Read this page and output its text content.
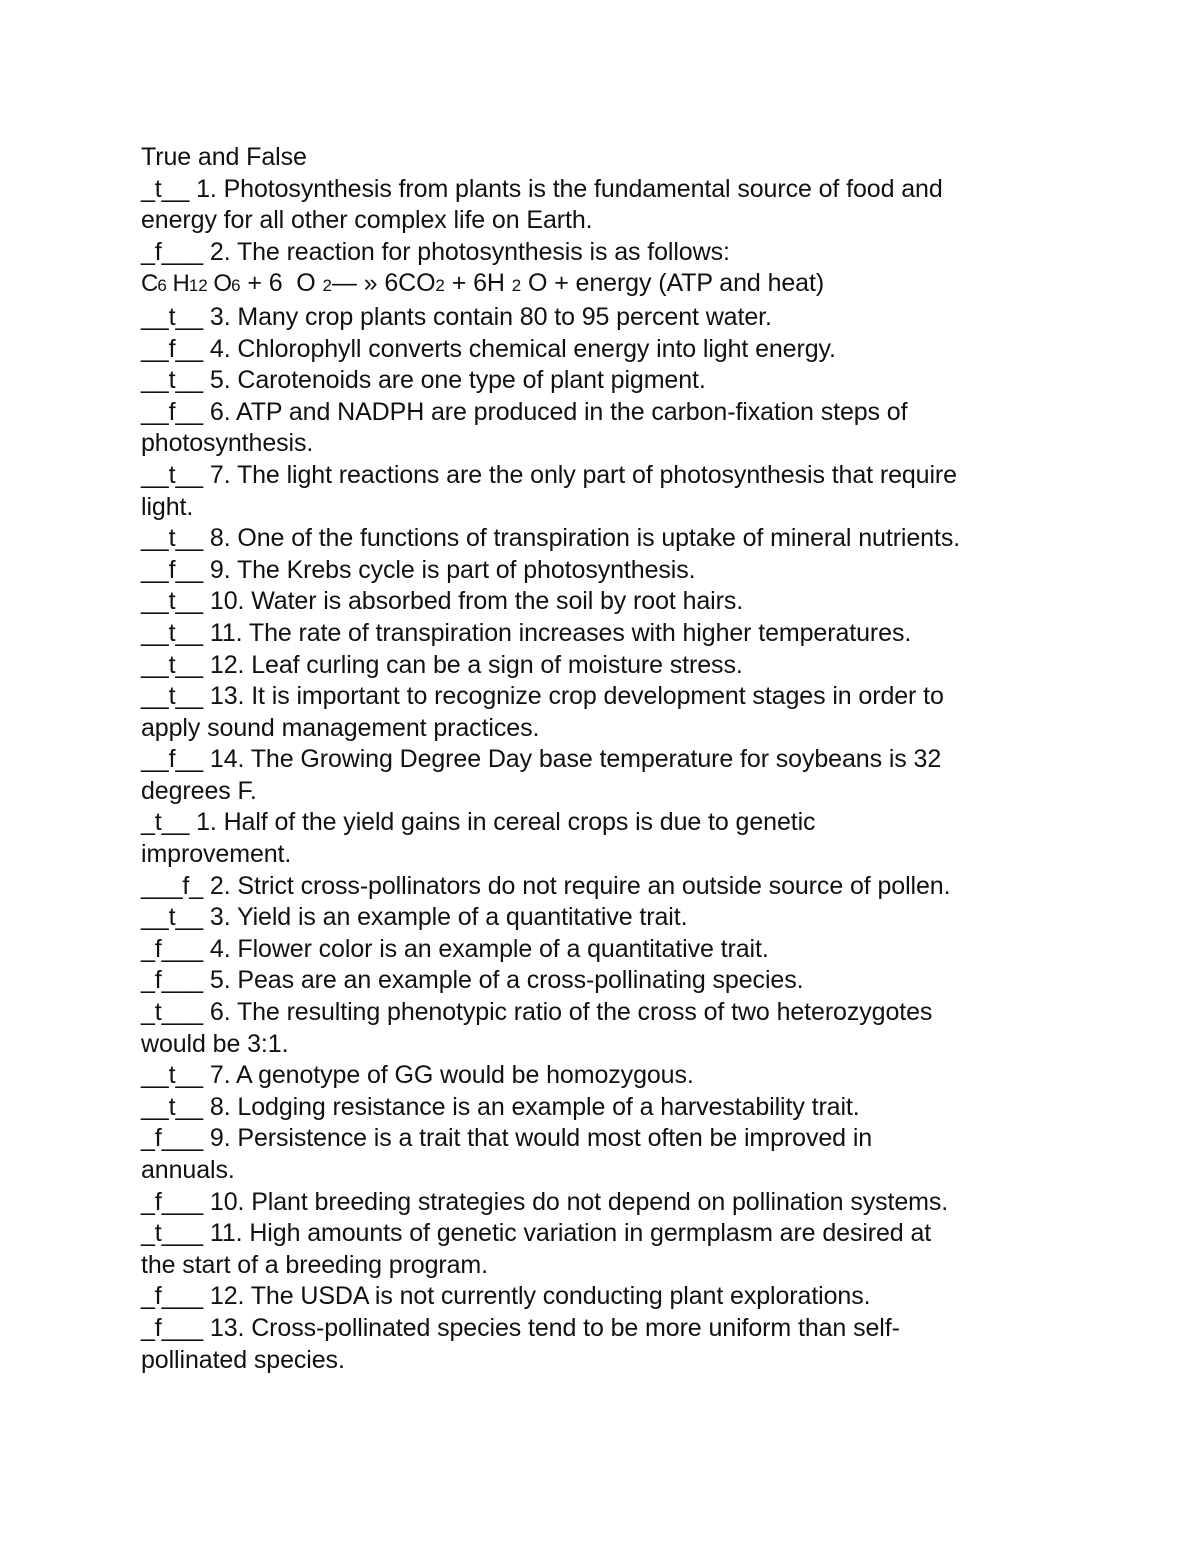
True and False
_t__ 1. Photosynthesis from plants is the fundamental source of food and
energy for all other complex life on Earth.
_f___ 2. The reaction for photosynthesis is as follows:
C6 H12 O6 + 6  O 2— » 6CO2 + 6H 2 O + energy (ATP and heat)
__t__ 3. Many crop plants contain 80 to 95 percent water.
__f__ 4. Chlorophyll converts chemical energy into light energy.
__t__ 5. Carotenoids are one type of plant pigment.
__f__ 6. ATP and NADPH are produced in the carbon-fixation steps of
photosynthesis.
__t__ 7. The light reactions are the only part of photosynthesis that require
light.
__t__ 8. One of the functions of transpiration is uptake of mineral nutrients.
__f__ 9. The Krebs cycle is part of photosynthesis.
__t__ 10. Water is absorbed from the soil by root hairs.
__t__ 11. The rate of transpiration increases with higher temperatures.
__t__ 12. Leaf curling can be a sign of moisture stress.
__t__ 13. It is important to recognize crop development stages in order to
apply sound management practices.
__f__ 14. The Growing Degree Day base temperature for soybeans is 32
degrees F.
_t__ 1. Half of the yield gains in cereal crops is due to genetic
improvement.
___f_ 2. Strict cross-pollinators do not require an outside source of pollen.
__t__ 3. Yield is an example of a quantitative trait.
_f___ 4. Flower color is an example of a quantitative trait.
_f___ 5. Peas are an example of a cross-pollinating species.
_t___ 6. The resulting phenotypic ratio of the cross of two heterozygotes
would be 3:1.
__t__ 7. A genotype of GG would be homozygous.
__t__ 8. Lodging resistance is an example of a harvestability trait.
_f___ 9. Persistence is a trait that would most often be improved in
annuals.
_f___ 10. Plant breeding strategies do not depend on pollination systems.
_t___ 11. High amounts of genetic variation in germplasm are desired at
the start of a breeding program.
_f___ 12. The USDA is not currently conducting plant explorations.
_f___ 13. Cross-pollinated species tend to be more uniform than self-
pollinated species.
